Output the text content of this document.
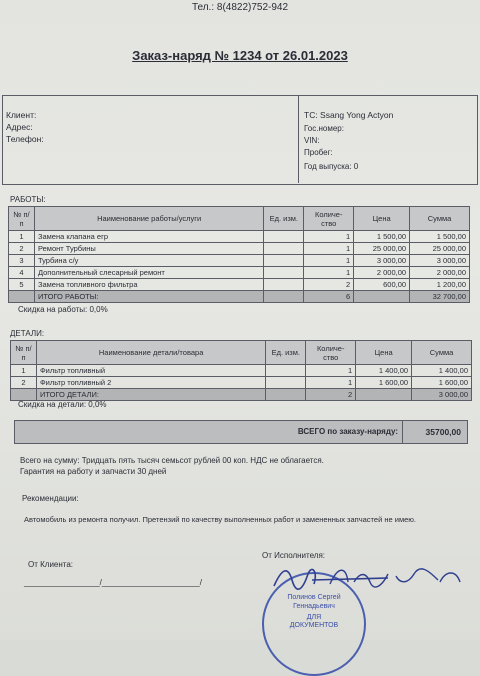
Тел.: 8(4822)752-942
Заказ-наряд № 1234 от 26.01.2023
Клиент:
Адрес:
Телефон:
ТС: Ssang Yong Actyon
Гос.номер:
VIN:
Пробег:
Год выпуска: 0
РАБОТЫ:
№ п/п	Наименование работы/услуги	Ед. изм.	Количе- ство	Цена	Сумма
1	Замена клапана егр		1	1 500,00	1 500,00
2	Ремонт Турбины		1	25 000,00	25 000,00
3	Турбина с/у		1	3 000,00	3 000,00
4	Дополнительный слесарный ремонт		1	2 000,00	2 000,00
5	Замена топливного фильтра		2	600,00	1 200,00
	ИТОГО РАБОТЫ:		6		32 700,00
Скидка на работы: 0,0%
ДЕТАЛИ:
№ п/п	Наименование детали/товара	Ед. изм.	Количе- ство	Цена	Сумма
1	Фильтр топливный		1	1 400,00	1 400,00
2	Фильтр топливный 2		1	1 600,00	1 600,00
	ИТОГО ДЕТАЛИ:		2		3 000,00
Скидка на детали: 0,0%
ВСЕГО по заказу-наряду:	35700,00
Всего на сумму: Тридцать пять тысяч семьсот рублей 00 коп. НДС не облагается.
Гарантия на работу и запчасти 30 дней
Рекомендации:
Автомобиль из ремонта получил. Претензий по качеству выполненных работ и замененных запчастей не имею.
От Клиента:
От Исполнителя:
_________________/______________________/
Полинов Сергей
Геннадьевич
ДЛЯ
ДОКУМЕНТОВ
